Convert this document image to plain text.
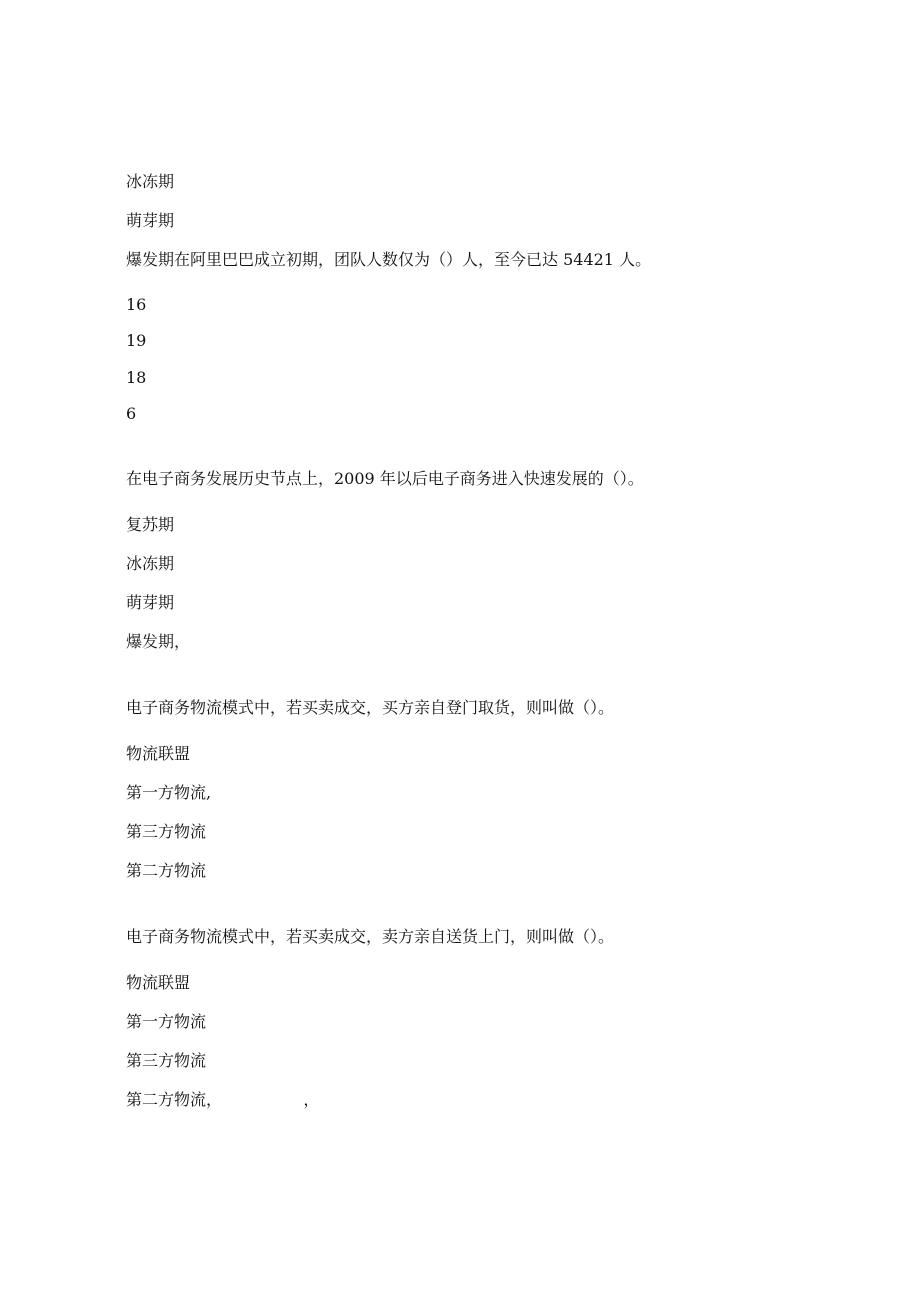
冰冻期
萌芽期
爆发期在阿里巴巴成立初期，团队人数仅为（）人，至今已达 54421 人。
16
19
18
6
在电子商务发展历史节点上，2009 年以后电子商务进入快速发展的（）。
复苏期
冰冻期
萌芽期
爆发期，
电子商务物流模式中，若买卖成交，买方亲自登门取货，则叫做（）。
物流联盟
第一方物流,
第三方物流
第二方物流
电子商务物流模式中，若买卖成交，卖方亲自送货上门，则叫做（）。
物流联盟
第一方物流
第三方物流
第二方物流，                ，
